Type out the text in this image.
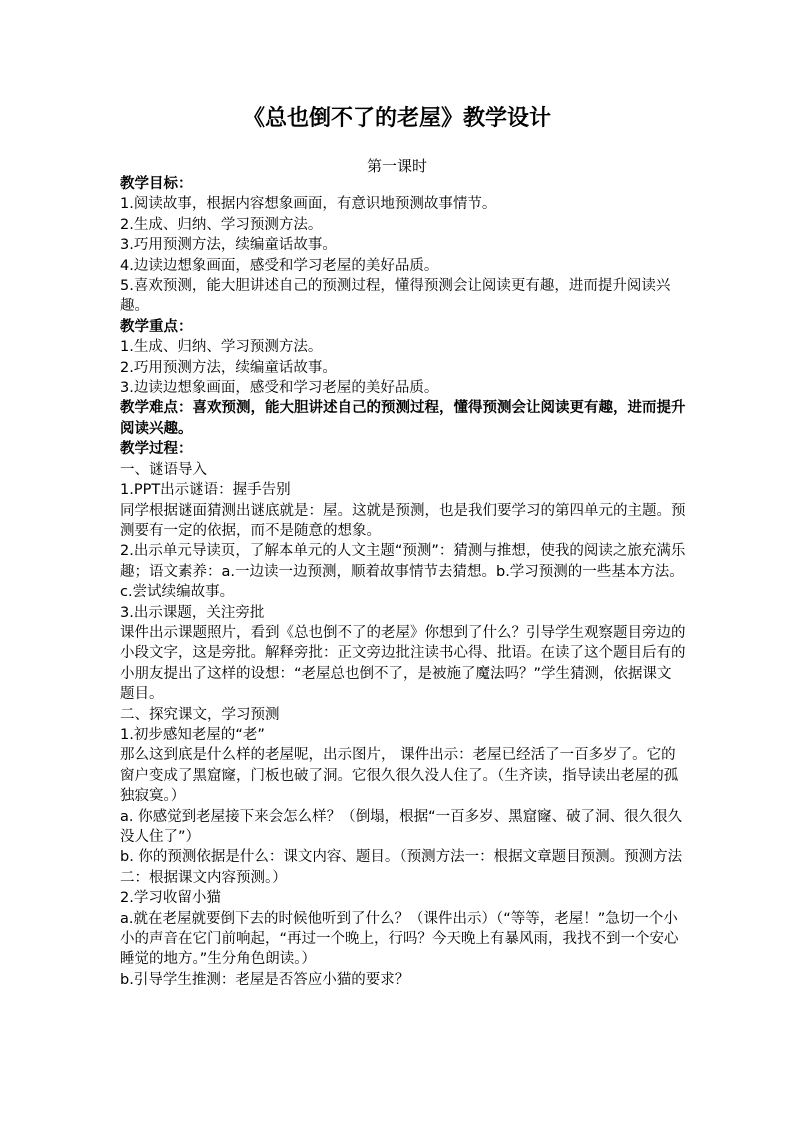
《总也倒不了的老屋》教学设计
第一课时

教学目标：

1.阅读故事，根据内容想象画面，有意识地预测故事情节。

2.生成、归纳、学习预测方法。

3.巧用预测方法，续编童话故事。

4.边读边想象画面，感受和学习老屋的美好品质。

5.喜欢预测，能大胆讲述自己的预测过程，懂得预测会让阅读更有趣，进而提升阅读兴趣。

教学重点：

1.生成、归纳、学习预测方法。

2.巧用预测方法，续编童话故事。

3.边读边想象画面，感受和学习老屋的美好品质。

教学难点：喜欢预测，能大胆讲述自己的预测过程，懂得预测会让阅读更有趣，进而提升阅读兴趣。

教学过程：

一、谜语导入

1.PPT出示谜语：握手告别

同学根据谜面猜测出谜底就是：屋。这就是预测，也是我们要学习的第四单元的主题。预测要有一定的依据，而不是随意的想象。

2.出示单元导读页，了解本单元的人文主题“预测”：猜测与推想，使我的阅读之旅充满乐趣；语文素养：a.一边读一边预测，顺着故事情节去猜想。b.学习预测的一些基本方法。c.尝试续编故事。

3.出示课题，关注旁批

课件出示课题照片，看到《总也倒不了的老屋》你想到了什么？引导学生观察题目旁边的小段文字，这是旁批。解释旁批：正文旁边批注读书心得、批语。在读了这个题目后有的小朋友提出了这样的设想：“老屋总也倒不了，是被施了魔法吗？”学生猜测，依据课文题目。

二、探究课文，学习预测

1.初步感知老屋的“老”

那么这到底是什么样的老屋呢，出示图片， 课件出示：老屋已经活了一百多岁了。它的窗户变成了黑窟窿，门板也破了洞。它很久很久没人住了。（生齐读，指导读出老屋的孤独寂寞。）

a. 你感觉到老屋接下来会怎么样？（倒塌，根据“一百多岁、黑窟窿、破了洞、很久很久没人住了”）

b. 你的预测依据是什么：课文内容、题目。（预测方法一：根据文章题目预测。预测方法二：根据课文内容预测。）

2.学习收留小猫

a.就在老屋就要倒下去的时候他听到了什么？（课件出示）（“等等，老屋！”急切一个小小的声音在它门前响起，“再过一个晚上，行吗？今天晚上有暴风雨，我找不到一个安心睡觉的地方。”生分角色朗读。）

b.引导学生推测：老屋是否答应小猫的要求？
